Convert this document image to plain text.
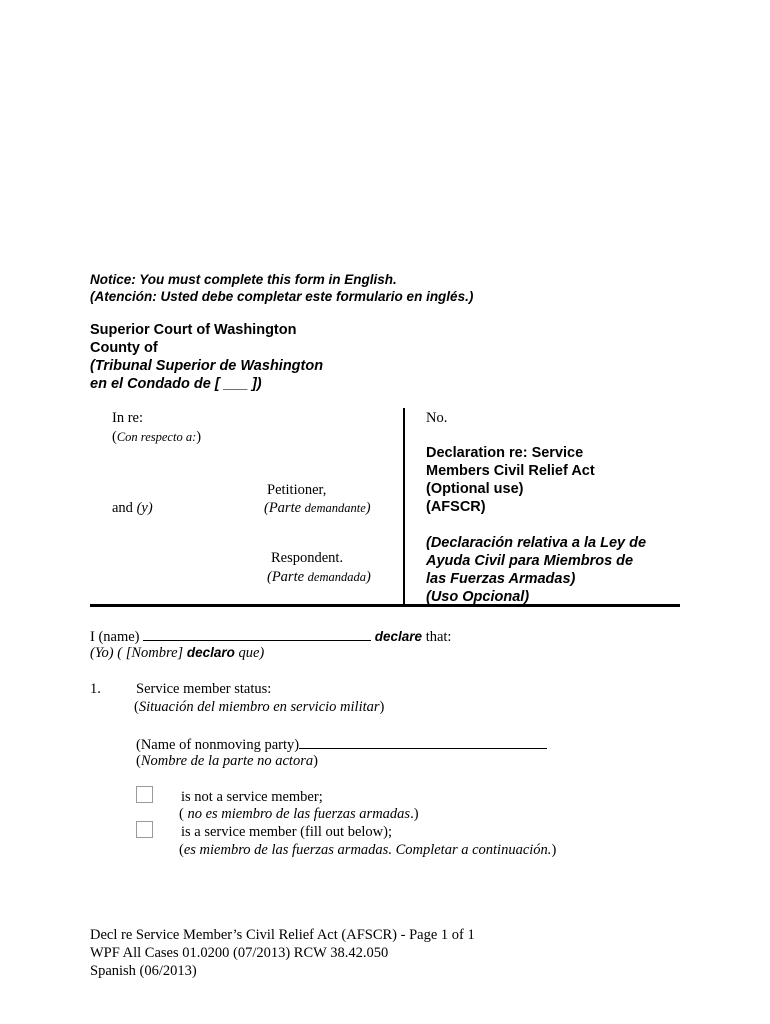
Notice: You must complete this form in English.
(Atención: Usted debe completar este formulario en inglés.)
Superior Court of Washington
County of
(Tribunal Superior de Washington
en el Condado de [ ___ ])
In re:
(Con respecto a:)
Petitioner,
and (y)	(Parte demandante)
Respondent.
(Parte demandada)
No.
Declaration re: Service
Members Civil Relief Act
(Optional use)
(AFSCR)
(Declaración relativa a la Ley de
Ayuda Civil para Miembros de
las Fuerzas Armadas)
(Uso Opcional)
I (name)	declare that:
(Yo) ( [Nombre] declaro que)
1. Service member status:
(Situación del miembro en servicio militar)
(Name of nonmoving party)
(Nombre de la parte no actora)
is not a service member;
( no es miembro de las fuerzas armadas.)
is a service member (fill out below);
(es miembro de las fuerzas armadas. Completar a continuación.)
Decl re Service Member’s Civil Relief Act (AFSCR) - Page 1 of 1
WPF All Cases 01.0200 (07/2013) RCW 38.42.050
Spanish (06/2013)
